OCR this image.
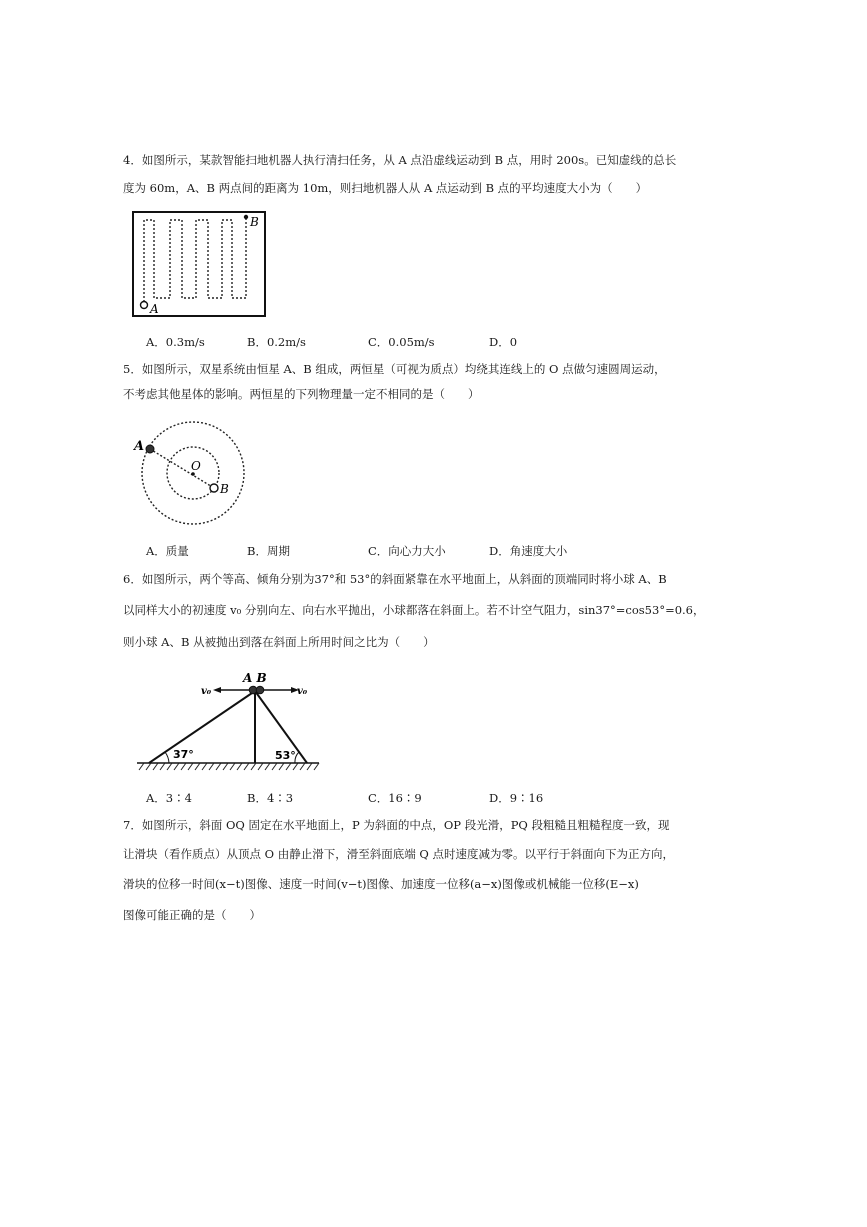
4．如图所示，某款智能扫地机器人执行清扫任务，从 A 点沿虚线运动到 B 点，用时 200s。已知虚线的总长
度为 60m，A、B 两点间的距离为 10m，则扫地机器人从 A 点运动到 B 点的平均速度大小为（　　）
A
B
A．0.3m/s	B．0.2m/s	C．0.05m/s	D．0
5．如图所示，双星系统由恒星 A、B 组成，两恒星（可视为质点）均绕其连线上的 O 点做匀速圆周运动，
不考虑其他星体的影响。两恒星的下列物理量一定不相同的是（　　）
A
O
B
A．质量	B．周期	C．向心力大小	D．角速度大小
6．如图所示，两个等高、倾角分别为37°和 53°的斜面紧靠在水平地面上，从斜面的顶端同时将小球 A、B
以同样大小的初速度 v₀ 分别向左、向右水平抛出，小球都落在斜面上。若不计空气阻力，sin37°=cos53°=0.6，
则小球 A、B 从被抛出到落在斜面上所用时间之比为（　　）
A B
v₀	v₀
37°	53°
A．3∶4	B．4∶3	C．16∶9	D．9∶16
7．如图所示，斜面 OQ 固定在水平地面上，P 为斜面的中点，OP 段光滑，PQ 段粗糙且粗糙程度一致，现
让滑块（看作质点）从顶点 O 由静止滑下，滑至斜面底端 Q 点时速度减为零。以平行于斜面向下为正方向，
滑块的位移一时间(x−t)图像、速度一时间(v−t)图像、加速度一位移(a−x)图像或机械能一位移(E−x)
图像可能正确的是（　　）
